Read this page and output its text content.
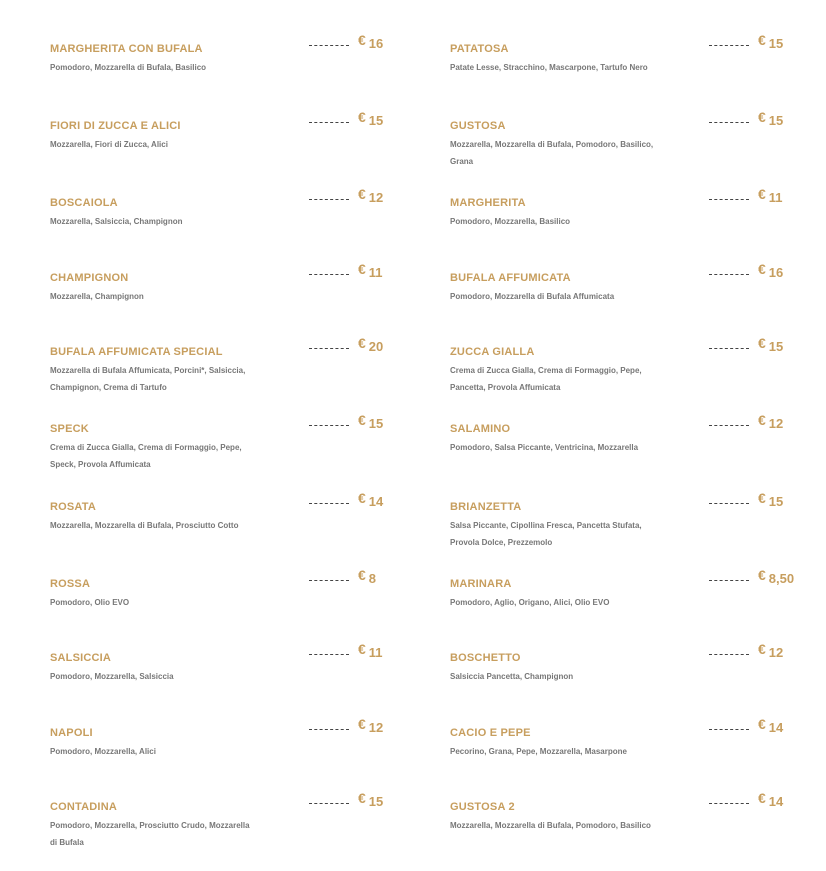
MARGHERITA CON BUFALA
Pomodoro, Mozzarella di Bufala, Basilico
€ 16
FIORI DI ZUCCA E ALICI
Mozzarella, Fiori di Zucca, Alici
€ 15
BOSCAIOLA
Mozzarella, Salsiccia, Champignon
€ 12
CHAMPIGNON
Mozzarella, Champignon
€ 11
BUFALA AFFUMICATA SPECIAL
Mozzarella di Bufala Affumicata, Porcini*, Salsiccia, Champignon, Crema di Tartufo
€ 20
SPECK
Crema di Zucca Gialla, Crema di Formaggio, Pepe, Speck, Provola Affumicata
€ 15
ROSATA
Mozzarella, Mozzarella di Bufala, Prosciutto Cotto
€ 14
ROSSA
Pomodoro, Olio EVO
€ 8
SALSICCIA
Pomodoro, Mozzarella, Salsiccia
€ 11
NAPOLI
Pomodoro, Mozzarella, Alici
€ 12
CONTADINA
Pomodoro, Mozzarella, Prosciutto Crudo, Mozzarella di Bufala
€ 15
PATATOSA
Patate Lesse, Stracchino, Mascarpone, Tartufo Nero
€ 15
GUSTOSA
Mozzarella, Mozzarella di Bufala, Pomodoro, Basilico, Grana
€ 15
MARGHERITA
Pomodoro, Mozzarella, Basilico
€ 11
BUFALA AFFUMICATA
Pomodoro, Mozzarella di Bufala Affumicata
€ 16
ZUCCA GIALLA
Crema di Zucca Gialla, Crema di Formaggio, Pepe, Pancetta, Provola Affumicata
€ 15
SALAMINO
Pomodoro, Salsa Piccante, Ventricina, Mozzarella
€ 12
BRIANZETTA
Salsa Piccante, Cipollina Fresca, Pancetta Stufata, Provola Dolce, Prezzemolo
€ 15
MARINARA
Pomodoro, Aglio, Origano, Alici, Olio EVO
€ 8,50
BOSCHETTO
Salsiccia Pancetta, Champignon
€ 12
CACIO E PEPE
Pecorino, Grana, Pepe, Mozzarella, Masarpone
€ 14
GUSTOSA 2
Mozzarella, Mozzarella di Bufala, Pomodoro, Basilico
€ 14
